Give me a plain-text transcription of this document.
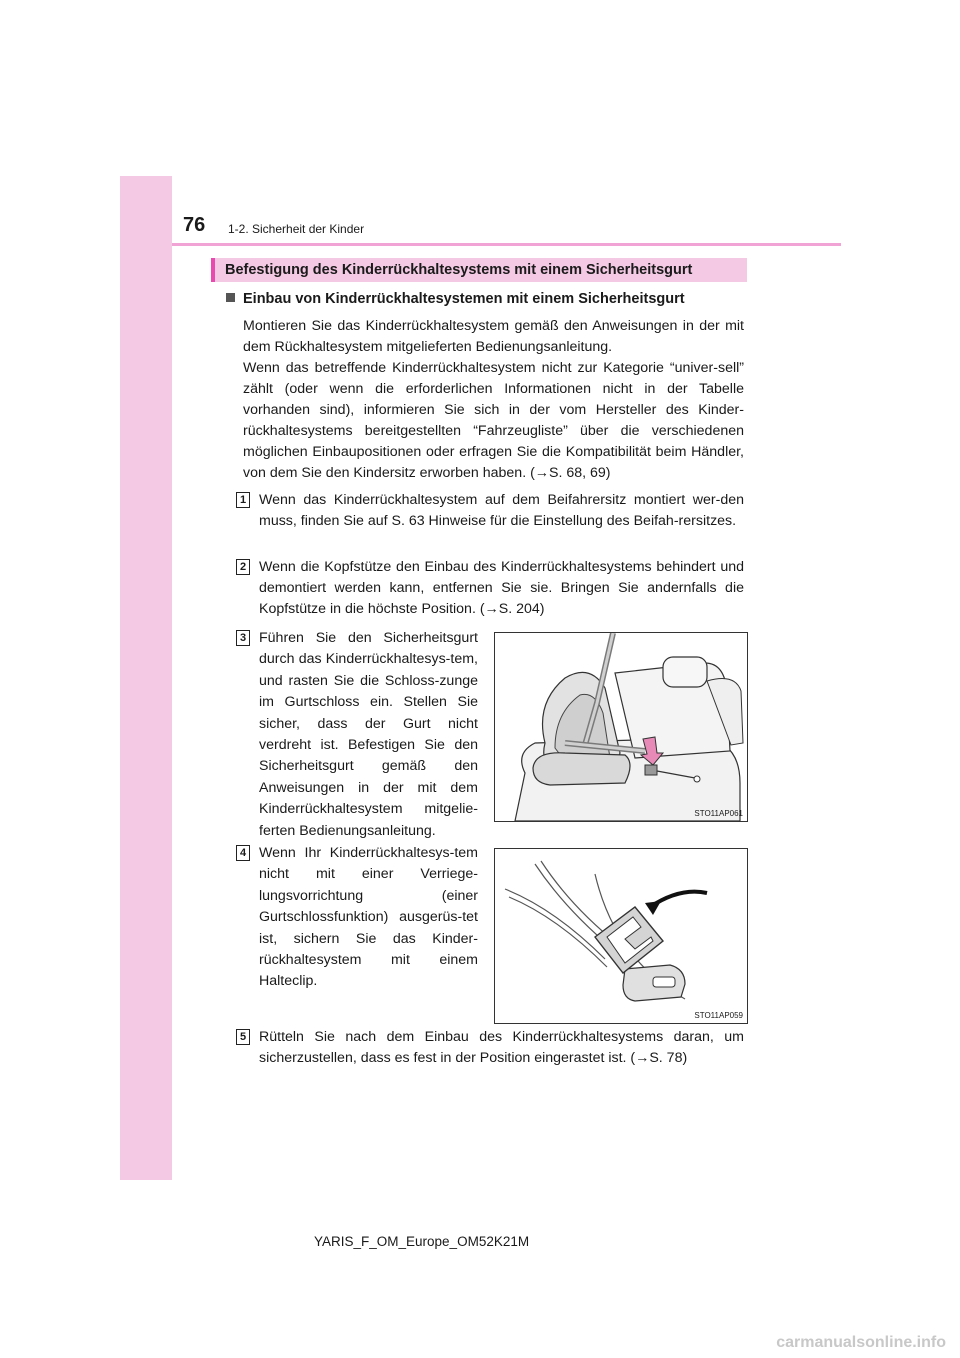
76 1-2. Sicherheit der Kinder
Befestigung des Kinderrückhaltesystems mit einem Sicherheitsgurt
Einbau von Kinderrückhaltesystemen mit einem Sicherheitsgurt

Montieren Sie das Kinderrückhaltesystem gemäß den Anweisungen in der mit dem Rückhaltesystem mitgelieferten Bedienungsanleitung.

Wenn das betreffende Kinderrückhaltesystem nicht zur Kategorie “univer-sell” zählt (oder wenn die erforderlichen Informationen nicht in der Tabelle vorhanden sind), informieren Sie sich in der vom Hersteller des Kinder-rückhaltesystems bereitgestellten “Fahrzeugliste” über die verschiedenen möglichen Einbaupositionen oder erfragen Sie die Kompatibilität beim Händler, von dem Sie den Kindersitz erworben haben. (→S. 68, 69)

1 Wenn das Kinderrückhaltesystem auf dem Beifahrersitz montiert wer-den muss, finden Sie auf S. 63 Hinweise für die Einstellung des Beifah-rersitzes.

2 Wenn die Kopfstütze den Einbau des Kinderrückhaltesystems behindert und demontiert werden kann, entfernen Sie sie. Bringen Sie andernfalls die Kopfstütze in die höchste Position. (→S. 204)

3 Führen Sie den Sicherheitsgurt durch das Kinderrückhaltesys-tem, und rasten Sie die Schloss-zunge im Gurtschloss ein. Stellen Sie sicher, dass der Gurt nicht verdreht ist. Befestigen Sie den Sicherheitsgurt gemäß den Anweisungen in der mit dem Kinderrückhaltesystem mitgelie-ferten Bedienungsanleitung.

STO11AP061
4 Wenn Ihr Kinderrückhaltesys-tem nicht mit einer Verriege-lungsvorrichtung (einer Gurtschlossfunktion) ausgerüs-tet ist, sichern Sie das Kinder-rückhaltesystem mit einem Halteclip.

STO11AP059
5 Rütteln Sie nach dem Einbau des Kinderrückhaltesystems daran, um sicherzustellen, dass es fest in der Position eingerastet ist. (→S. 78)

YARIS_F_OM_Europe_OM52K21M
carmanualsonline.info
